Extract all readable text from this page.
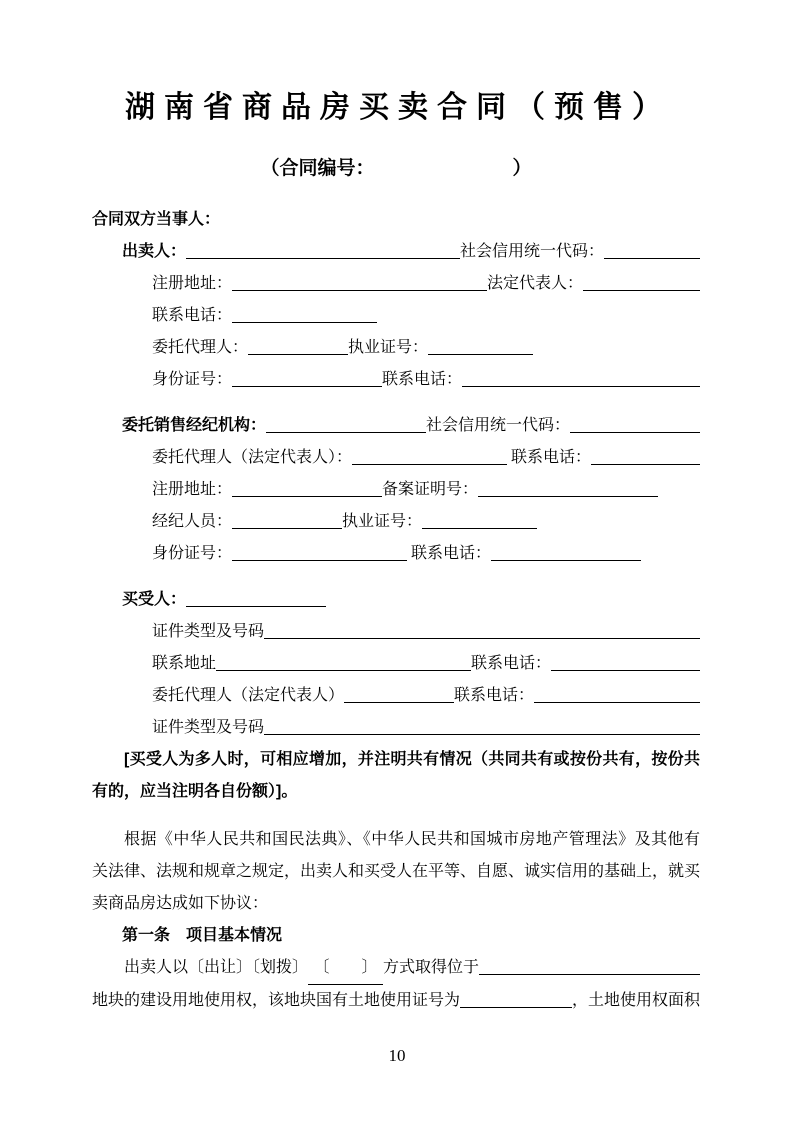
湖南省商品房买卖合同（预售）
（合同编号：	）
合同双方当事人：
出卖人：	社会信用统一代码：
注册地址：	法定代表人：
联系电话：
委托代理人：	执业证号：
身份证号：	联系电话：
委托销售经纪机构：	社会信用统一代码：
委托代理人（法定代表人）：	联系电话：
注册地址：	备案证明号：
经纪人员：	执业证号：
身份证号：	联系电话：
买受人：
证件类型及号码
联系地址	联系电话：
委托代理人（法定代表人）	联系电话：
证件类型及号码
[买受人为多人时，可相应增加，并注明共有情况（共同共有或按份共有，按份共
有的，应当注明各自份额）]。
根据《中华人民共和国民法典》、《中华人民共和国城市房地产管理法》及其他有
关法律、法规和规章之规定，出卖人和买受人在平等、自愿、诚实信用的基础上，就买
卖商品房达成如下协议：
第一条　项目基本情况
出卖人以〔出让〕〔划拨〕 〔　　〕 方式取得位于
地块的建设用地使用权，该地块国有土地使用证号为	，土地使用权面积
10
